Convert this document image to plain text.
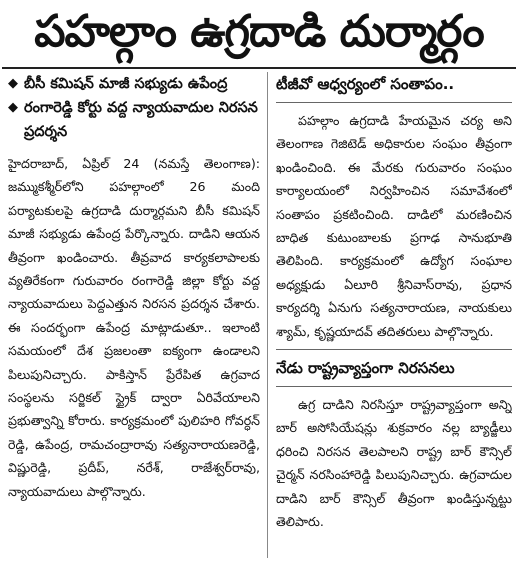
పహల్గాం ఉగ్రదాడి దుర్మార్గం
◆ బీసీ కమిషన్ మాజీ సభ్యుడు ఉపేంద్ర
◆ రంగారెడ్డి కోర్టు వద్ద న్యాయవాదుల నిరసన ప్రదర్శన

హైదరాబాద్, ఏప్రిల్ 24 (నమస్తే తెలంగాణ): జమ్ముకశ్మీర్‌లోని పహల్గాంలో 26 మంది పర్యాటకులపై ఉగ్రదాడి దుర్మార్గమని బీసీ కమిషన్ మాజీ సభ్యుడు ఉపేంద్ర పేర్కొన్నారు. దాడిని ఆయన తీవ్రంగా ఖండించారు. తీవ్రవాద కార్యకలాపాలకు వ్యతిరేకంగా గురువారం రంగారెడ్డి జిల్లా కోర్టు వద్ద న్యాయవాదులు పెద్దఎత్తున నిరసన ప్రదర్శన చేశారు. ఈ సందర్భంగా ఉపేంద్ర మాట్లాడుతూ.. ఇలాంటి సమయంలో దేశ ప్రజలంతా ఐక్యంగా ఉండాలని పిలుపునిచ్చారు. పాకిస్తాన్ ప్రేరేపిత ఉగ్రవాద సంస్థలను సర్జికల్ స్ట్రైక్ ద్వారా ఏరివేయాలని ప్రభుత్వాన్ని కోరారు. కార్యక్రమంలో పులిహరి గోవర్ధన్ రెడ్డి, ఉపేంద్ర, రామచంద్రారావు సత్యనారాయణరెడ్డి, విష్ణురెడ్డి, ప్రదీప్, నరేశ్, రాజేశ్వర్‌రావు, న్యాయవాదులు పాల్గొన్నారు.

టీజీవో ఆధ్వర్యంలో సంతాపం..

పహల్గాం ఉగ్రదాడి హేయమైన చర్య అని తెలంగాణ గెజిటెడ్ అధికారుల సంఘం తీవ్రంగా ఖండించింది. ఈ మేరకు గురువారం సంఘం కార్యాలయంలో నిర్వహించిన సమావేశంలో సంతాపం ప్రకటించింది. దాడిలో మరణించిన బాధిత కుటుంబాలకు ప్రగాఢ సానుభూతి తెలిపింది. కార్యక్రమంలో ఉద్యోగ సంఘాల అధ్యక్షుడు ఏలూరి శ్రీనివాస్‌రావు, ప్రధాన కార్యదర్శి ఏనుగు సత్యనారాయణ, నాయకులు శ్యామ్, కృష్ణయాదవ్ తదితరులు పాల్గొన్నారు.

నేడు రాష్ట్రవ్యాప్తంగా నిరసనలు

ఉగ్ర దాడిని నిరసిస్తూ రాష్ట్రవ్యాప్తంగా అన్ని బార్ అసోసియేషన్లు శుక్రవారం నల్ల బ్యాడ్జీలు ధరించి నిరసన తెలపాలని రాష్ట్ర బార్ కౌన్సిల్ చైర్మన్ నరసింహారెడ్డి పిలుపునిచ్చారు. ఉగ్రవాదుల దాడిని బార్ కౌన్సిల్ తీవ్రంగా ఖండిస్తున్నట్టు తెలిపారు.
